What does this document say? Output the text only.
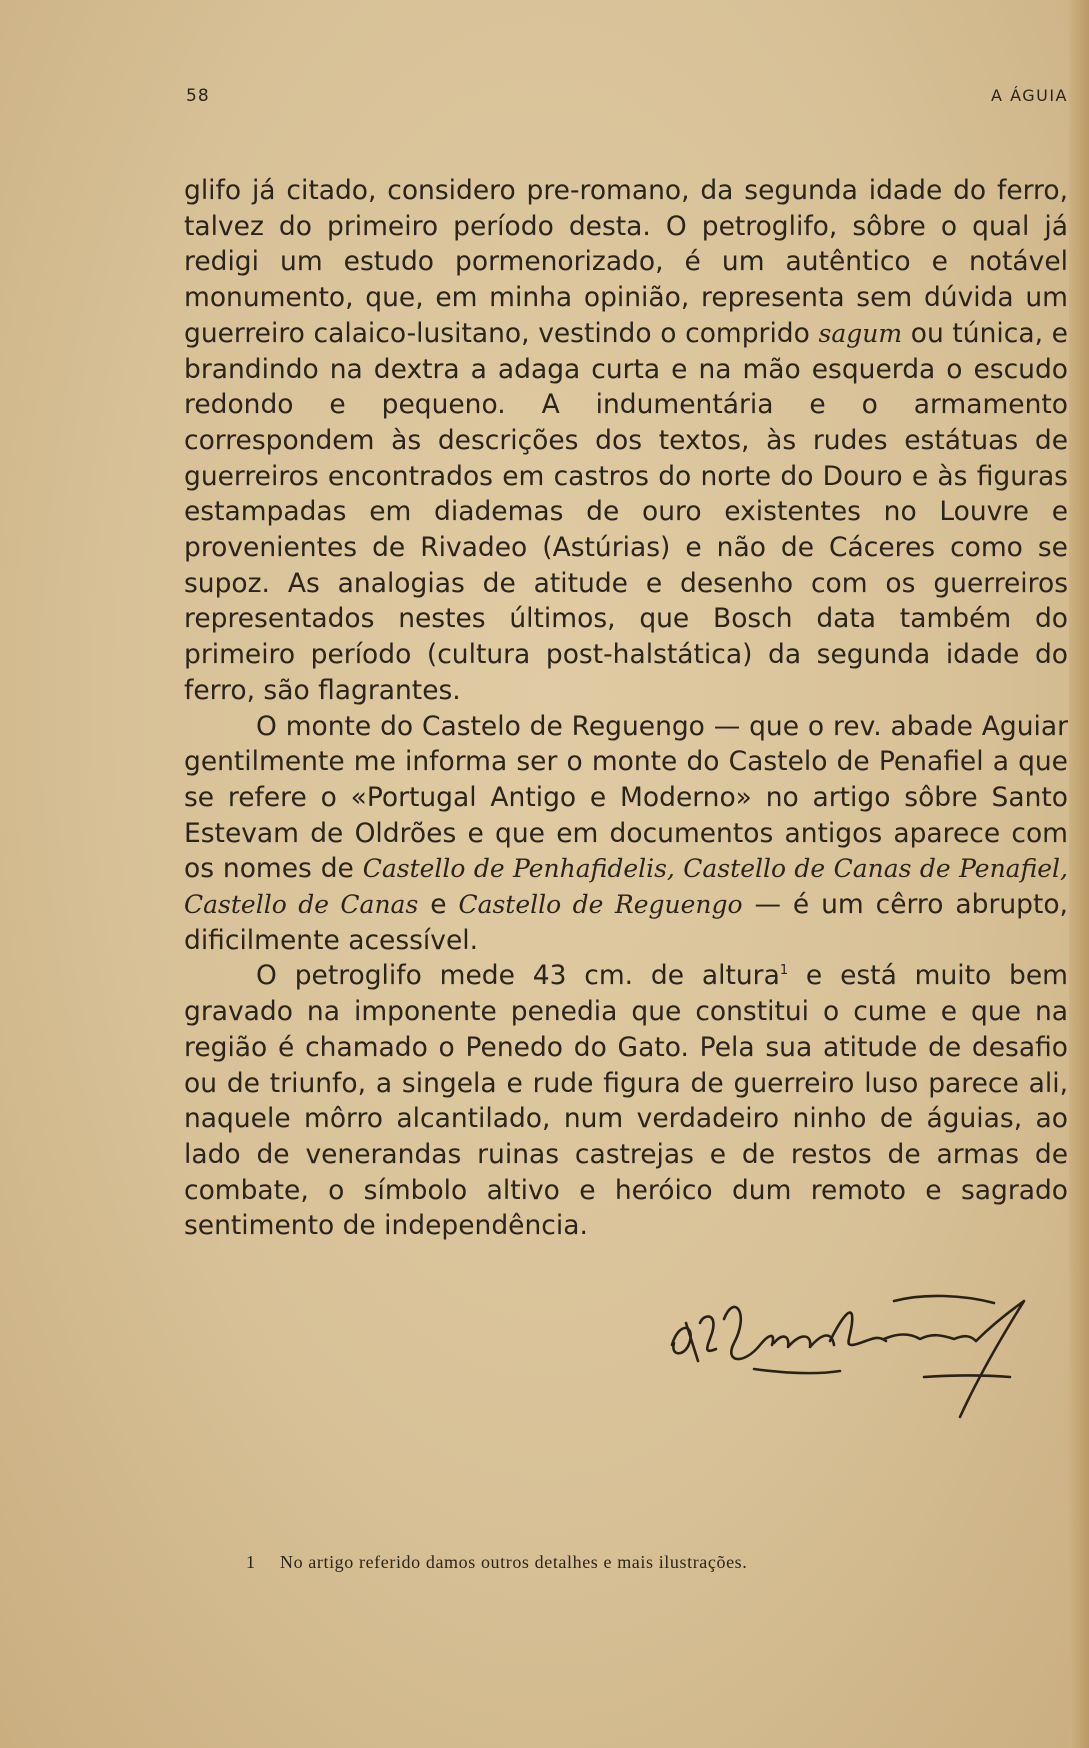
58	A ÁGUIA

glifo já citado, considero pre-romano, da segunda idade do ferro, talvez do primeiro período desta. O petroglifo, sôbre o qual já redigi um estudo pormenorizado, é um autêntico e notável monumento, que, em minha opinião, representa sem dúvida um guerreiro calaico-lusitano, vestindo o comprido sagum ou túnica, e brandindo na dextra a adaga curta e na mão esquerda o escudo redondo e pequeno. A indumentária e o armamento correspondem às descrições dos textos, às rudes estátuas de guerreiros encontrados em castros do norte do Douro e às figuras estampadas em diademas de ouro existentes no Louvre e provenientes de Rivadeo (Astúrias) e não de Cáceres como se supoz. As analogias de atitude e desenho com os guerreiros representados nestes últimos, que Bosch data também do primeiro período (cultura post-halstática) da segunda idade do ferro, são flagrantes.

O monte do Castelo de Reguengo — que o rev. abade Aguiar gentilmente me informa ser o monte do Castelo de Penafiel a que se refere o «Portugal Antigo e Moderno» no artigo sôbre Santo Estevam de Oldrões e que em documentos antigos aparece com os nomes de Castello de Penhafidelis, Castello de Canas de Penafiel, Castello de Canas e Castello de Reguengo — é um cêrro abrupto, dificilmente acessível.

O petroglifo mede 43 cm. de altura$^1$ e está muito bem gravado na imponente penedia que constitui o cume e que na região é chamado o Penedo do Gato. Pela sua atitude de desafio ou de triunfo, a singela e rude figura de guerreiro luso parece ali, naquele môrro alcantilado, num verdadeiro ninho de águias, ao lado de venerandas ruinas castrejas e de restos de armas de combate, o símbolo altivo e heróico dum remoto e sagrado sentimento de independência.

1 No artigo referido damos outros detalhes e mais ilustrações.
